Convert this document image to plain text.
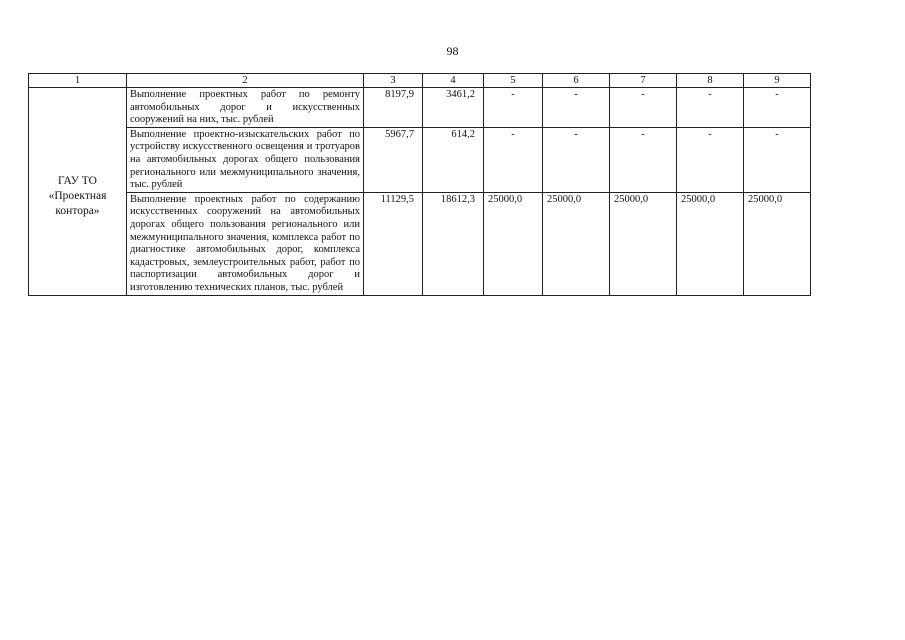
98
1	2	3	4	5	6	7	8	9

ГАУ ТО
«Проектная
контора»	Выполнение проектных работ по ремонту автомобильных дорог и искусственных сооружений на них, тыс. рублей	8197,9	3461,2	-	-	-	-	-
	Выполнение проектно-изыскательских работ по устройству искусственного освещения и тротуаров на автомобильных дорогах общего пользования регионального или межмуниципального значения, тыс. рублей	5967,7	614,2	-	-	-	-	-
	Выполнение проектных работ по содержанию искусственных сооружений на автомобильных дорогах общего пользования регионального или межмуниципального значения, комплекса работ по диагностике автомобильных дорог, комплекса кадастровых, землеустроительных работ, работ по паспортизации автомобильных дорог и изготовлению технических планов, тыс. рублей	11129,5	18612,3	25000,0	25000,0	25000,0	25000,0	25000,0
